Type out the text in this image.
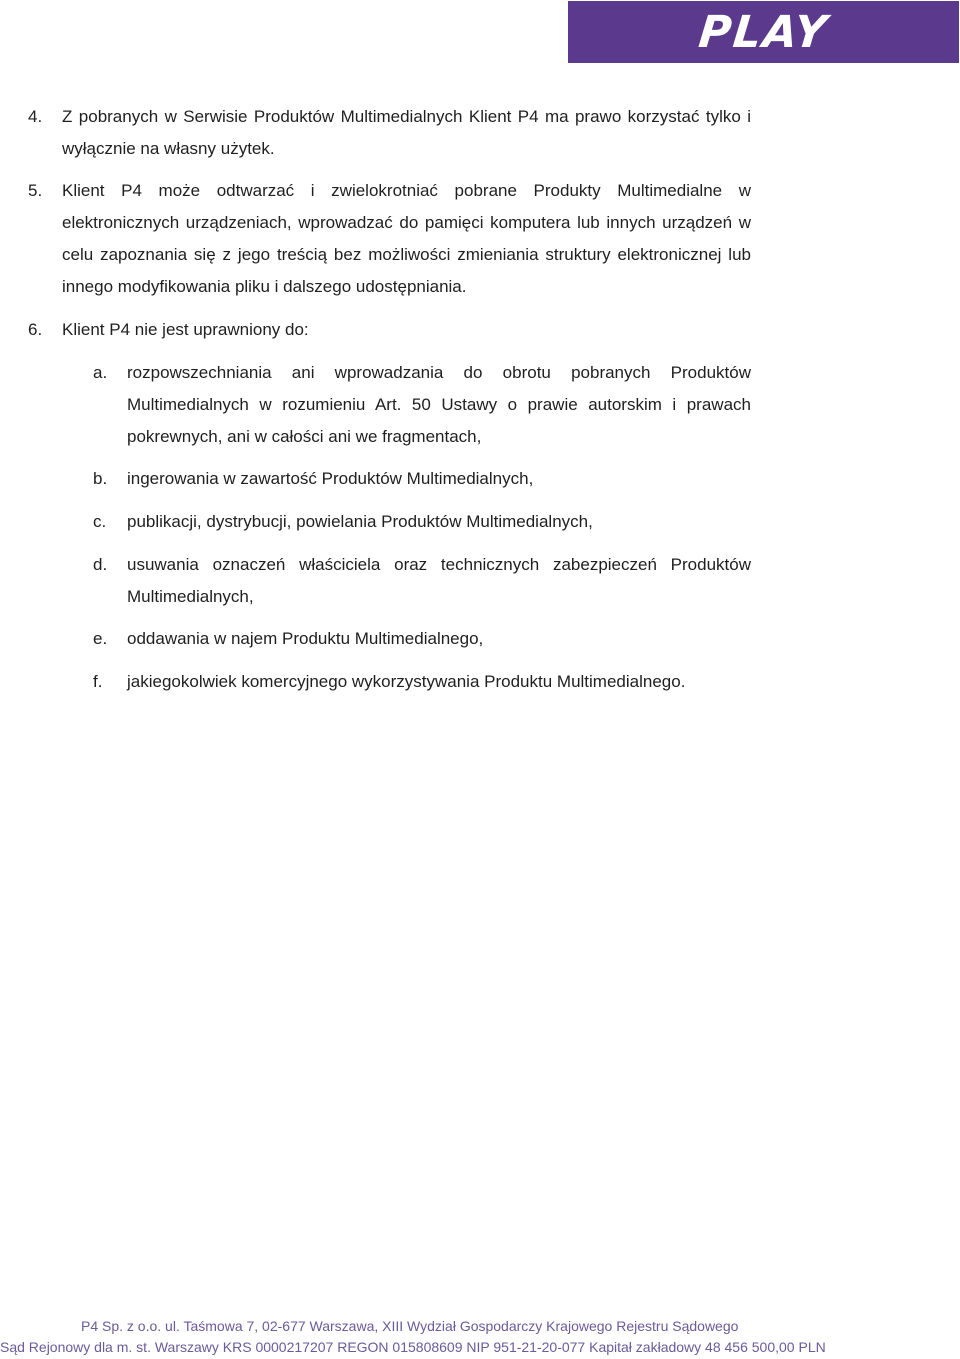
PLAY
4. Z pobranych w Serwisie Produktów Multimedialnych Klient P4 ma prawo korzystać tylko i wyłącznie na własny użytek.
5. Klient P4 może odtwarzać i zwielokrotniać pobrane Produkty Multimedialne w elektronicznych urządzeniach, wprowadzać do pamięci komputera lub innych urządzeń w celu zapoznania się z jego treścią bez możliwości zmieniania struktury elektronicznej lub innego modyfikowania pliku i dalszego udostępniania.
6. Klient P4 nie jest uprawniony do:
a. rozpowszechniania ani wprowadzania do obrotu pobranych Produktów Multimedialnych w rozumieniu Art. 50 Ustawy o prawie autorskim i prawach pokrewnych, ani w całości ani we fragmentach,
b. ingerowania w zawartość Produktów Multimedialnych,
c. publikacji, dystrybucji, powielania Produktów Multimedialnych,
d. usuwania oznaczeń właściciela oraz technicznych zabezpieczeń Produktów Multimedialnych,
e. oddawania w najem Produktu Multimedialnego,
f. jakiegokolwiek komercyjnego wykorzystywania Produktu Multimedialnego.
P4 Sp. z o.o. ul. Taśmowa 7, 02-677 Warszawa, XIII Wydział Gospodarczy Krajowego Rejestru Sądowego
Sąd Rejonowy dla m. st. Warszawy KRS 0000217207 REGON 015808609 NIP 951-21-20-077 Kapitał zakładowy 48 456 500,00 PLN
